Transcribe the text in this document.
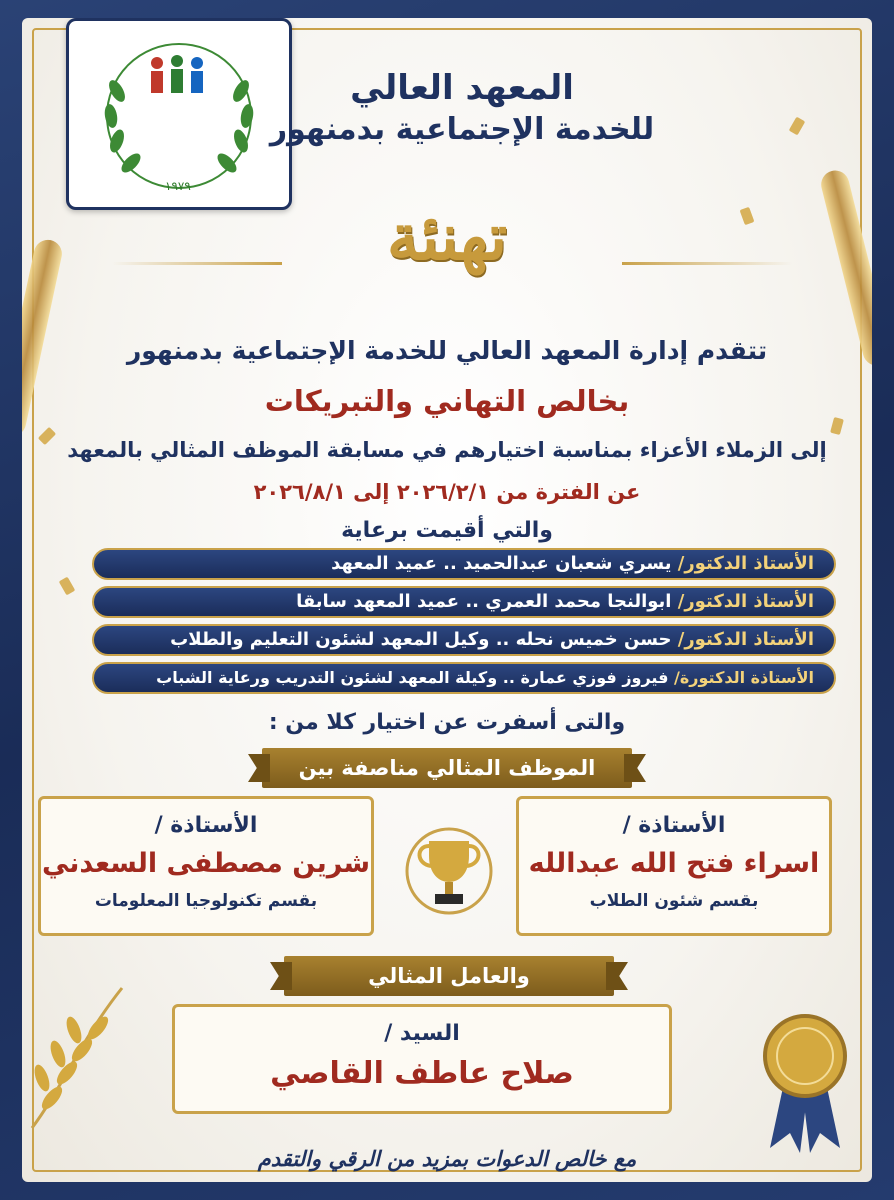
١٩٧٩
المعهد العالي
للخدمة الإجتماعية بدمنهور
تهنئة
تتقدم إدارة المعهد العالي للخدمة الإجتماعية بدمنهور
بخالص التهاني والتبريكات
إلى الزملاء الأعزاء بمناسبة اختيارهم في مسابقة الموظف المثالي بالمعهد
عن الفترة من ٢٠٢٦/٢/١ إلى ٢٠٢٦/٨/١
والتي أقيمت برعاية
الأستاذ الدكتور/ يسري شعبان عبدالحميد .. عميد المعهد
الأستاذ الدكتور/ ابوالنجا محمد العمري .. عميد المعهد سابقا
الأستاذ الدكتور/ حسن خميس نحله .. وكيل المعهد لشئون التعليم والطلاب
الأستاذة الدكتورة/ فيروز فوزي عمارة .. وكيلة المعهد لشئون التدريب ورعاية الشباب
والتى أسفرت عن اختيار كلا من :
الموظف المثالي مناصفة بين
الأستاذة /
اسراء فتح الله عبدالله
بقسم شئون الطلاب
الأستاذة /
شرين مصطفى السعدني
بقسم تكنولوجيا المعلومات
والعامل المثالي
السيد /
صلاح عاطف القاصي
مع خالص الدعوات بمزيد من الرقي والتقدم
